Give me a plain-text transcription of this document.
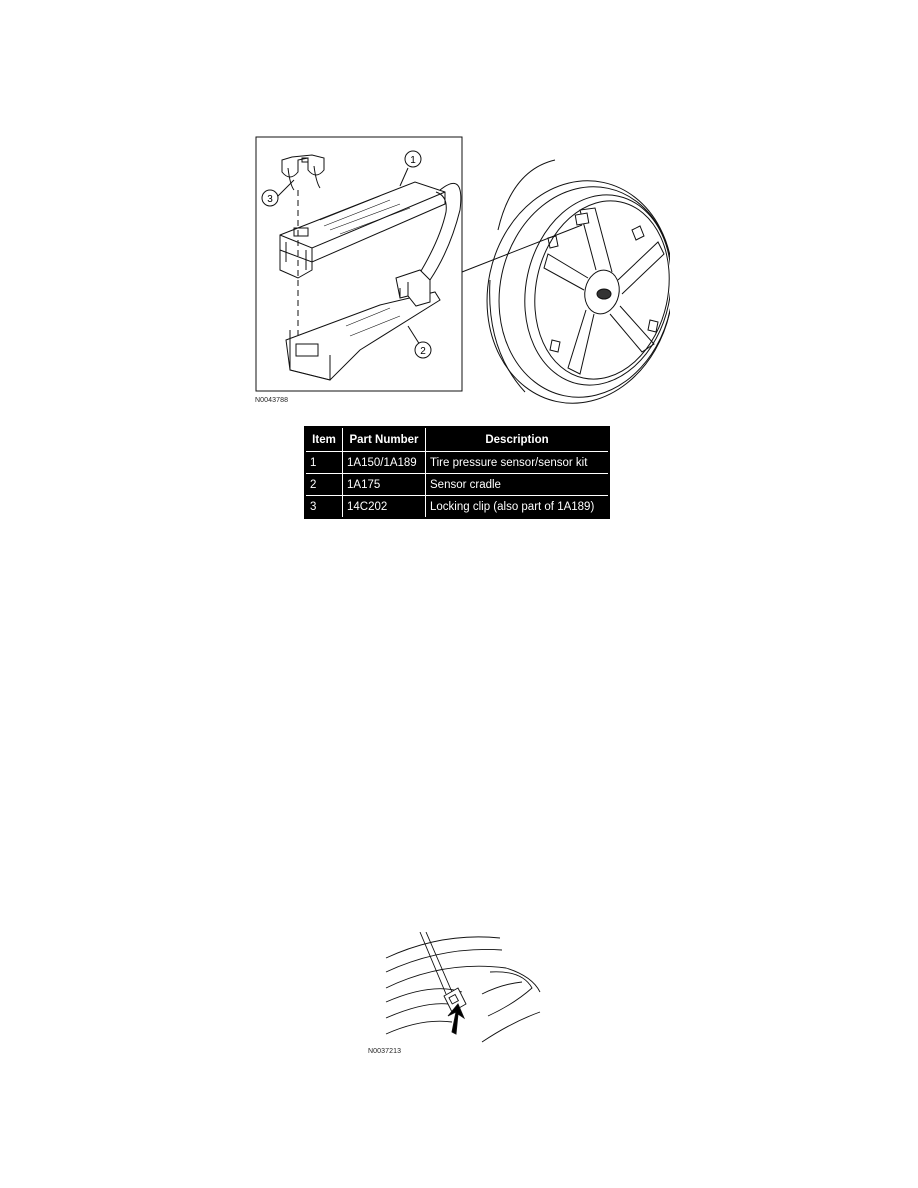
1
2
3
N0043788
Item	Part Number	Description
1	1A150/1A189	Tire pressure sensor/sensor kit
2	1A175	Sensor cradle
3	14C202	Locking clip (also part of 1A189)
N0037213
